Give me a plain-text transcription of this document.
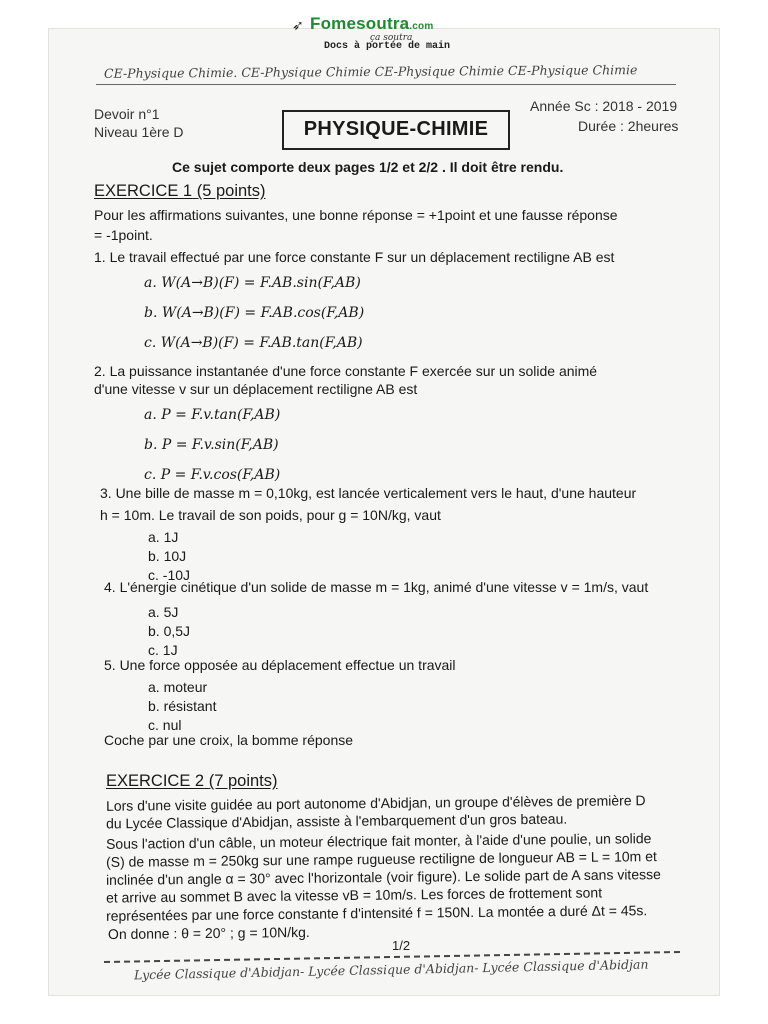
➶ Fomesoutra.com
ça soutra
Docs à portée de main
CE-Physique Chimie. CE-Physique Chimie CE-Physique Chimie CE-Physique Chimie
Devoir n°1
Niveau 1ère D	PHYSIQUE-CHIMIE
Année Sc : 2018 - 2019
Durée : 2heures
Ce sujet comporte deux pages 1/2 et 2/2 . Il doit être rendu.
EXERCICE 1 (5 points)
Pour les affirmations suivantes, une bonne réponse = +1point et une fausse réponse
= -1point.
1. Le travail effectué par une force constante F sur un déplacement rectiligne AB est
a. W(A→B)(F) = F.AB.sin(F,AB)
b. W(A→B)(F) = F.AB.cos(F,AB)
c. W(A→B)(F) = F.AB.tan(F,AB)
2. La puissance instantanée d'une force constante F exercée sur un solide animé
d'une vitesse v sur un déplacement rectiligne AB est
a. P = F.v.tan(F,AB)
b. P = F.v.sin(F,AB)
c. P = F.v.cos(F,AB)
3. Une bille de masse m = 0,10kg, est lancée verticalement vers le haut, d'une hauteur
h = 10m. Le travail de son poids, pour g = 10N/kg, vaut
a. 1J
b. 10J
c. -10J
4. L'énergie cinétique d'un solide de masse m = 1kg, animé d'une vitesse v = 1m/s, vaut
a. 5J
b. 0,5J
c. 1J
5. Une force opposée au déplacement effectue un travail
a. moteur
b. résistant
c. nul
Coche par une croix, la bomme réponse
EXERCICE 2 (7 points)
Lors d'une visite guidée au port autonome d'Abidjan, un groupe d'élèves de première D
du Lycée Classique d'Abidjan, assiste à l'embarquement d'un gros bateau.
Sous l'action d'un câble, un moteur électrique fait monter, à l'aide d'une poulie, un solide
(S) de masse m = 250kg sur une rampe rugueuse rectiligne de longueur AB = L = 10m et
inclinée d'un angle α = 30° avec l'horizontale (voir figure). Le solide part de A sans vitesse
et arrive au sommet B avec la vitesse vB = 10m/s. Les forces de frottement sont
représentées par une force constante f d'intensité f = 150N. La montée a duré Δt = 45s.
On donne : θ = 20° ; g = 10N/kg.
1/2
Lycée Classique d'Abidjan- Lycée Classique d'Abidjan- Lycée Classique d'Abidjan
